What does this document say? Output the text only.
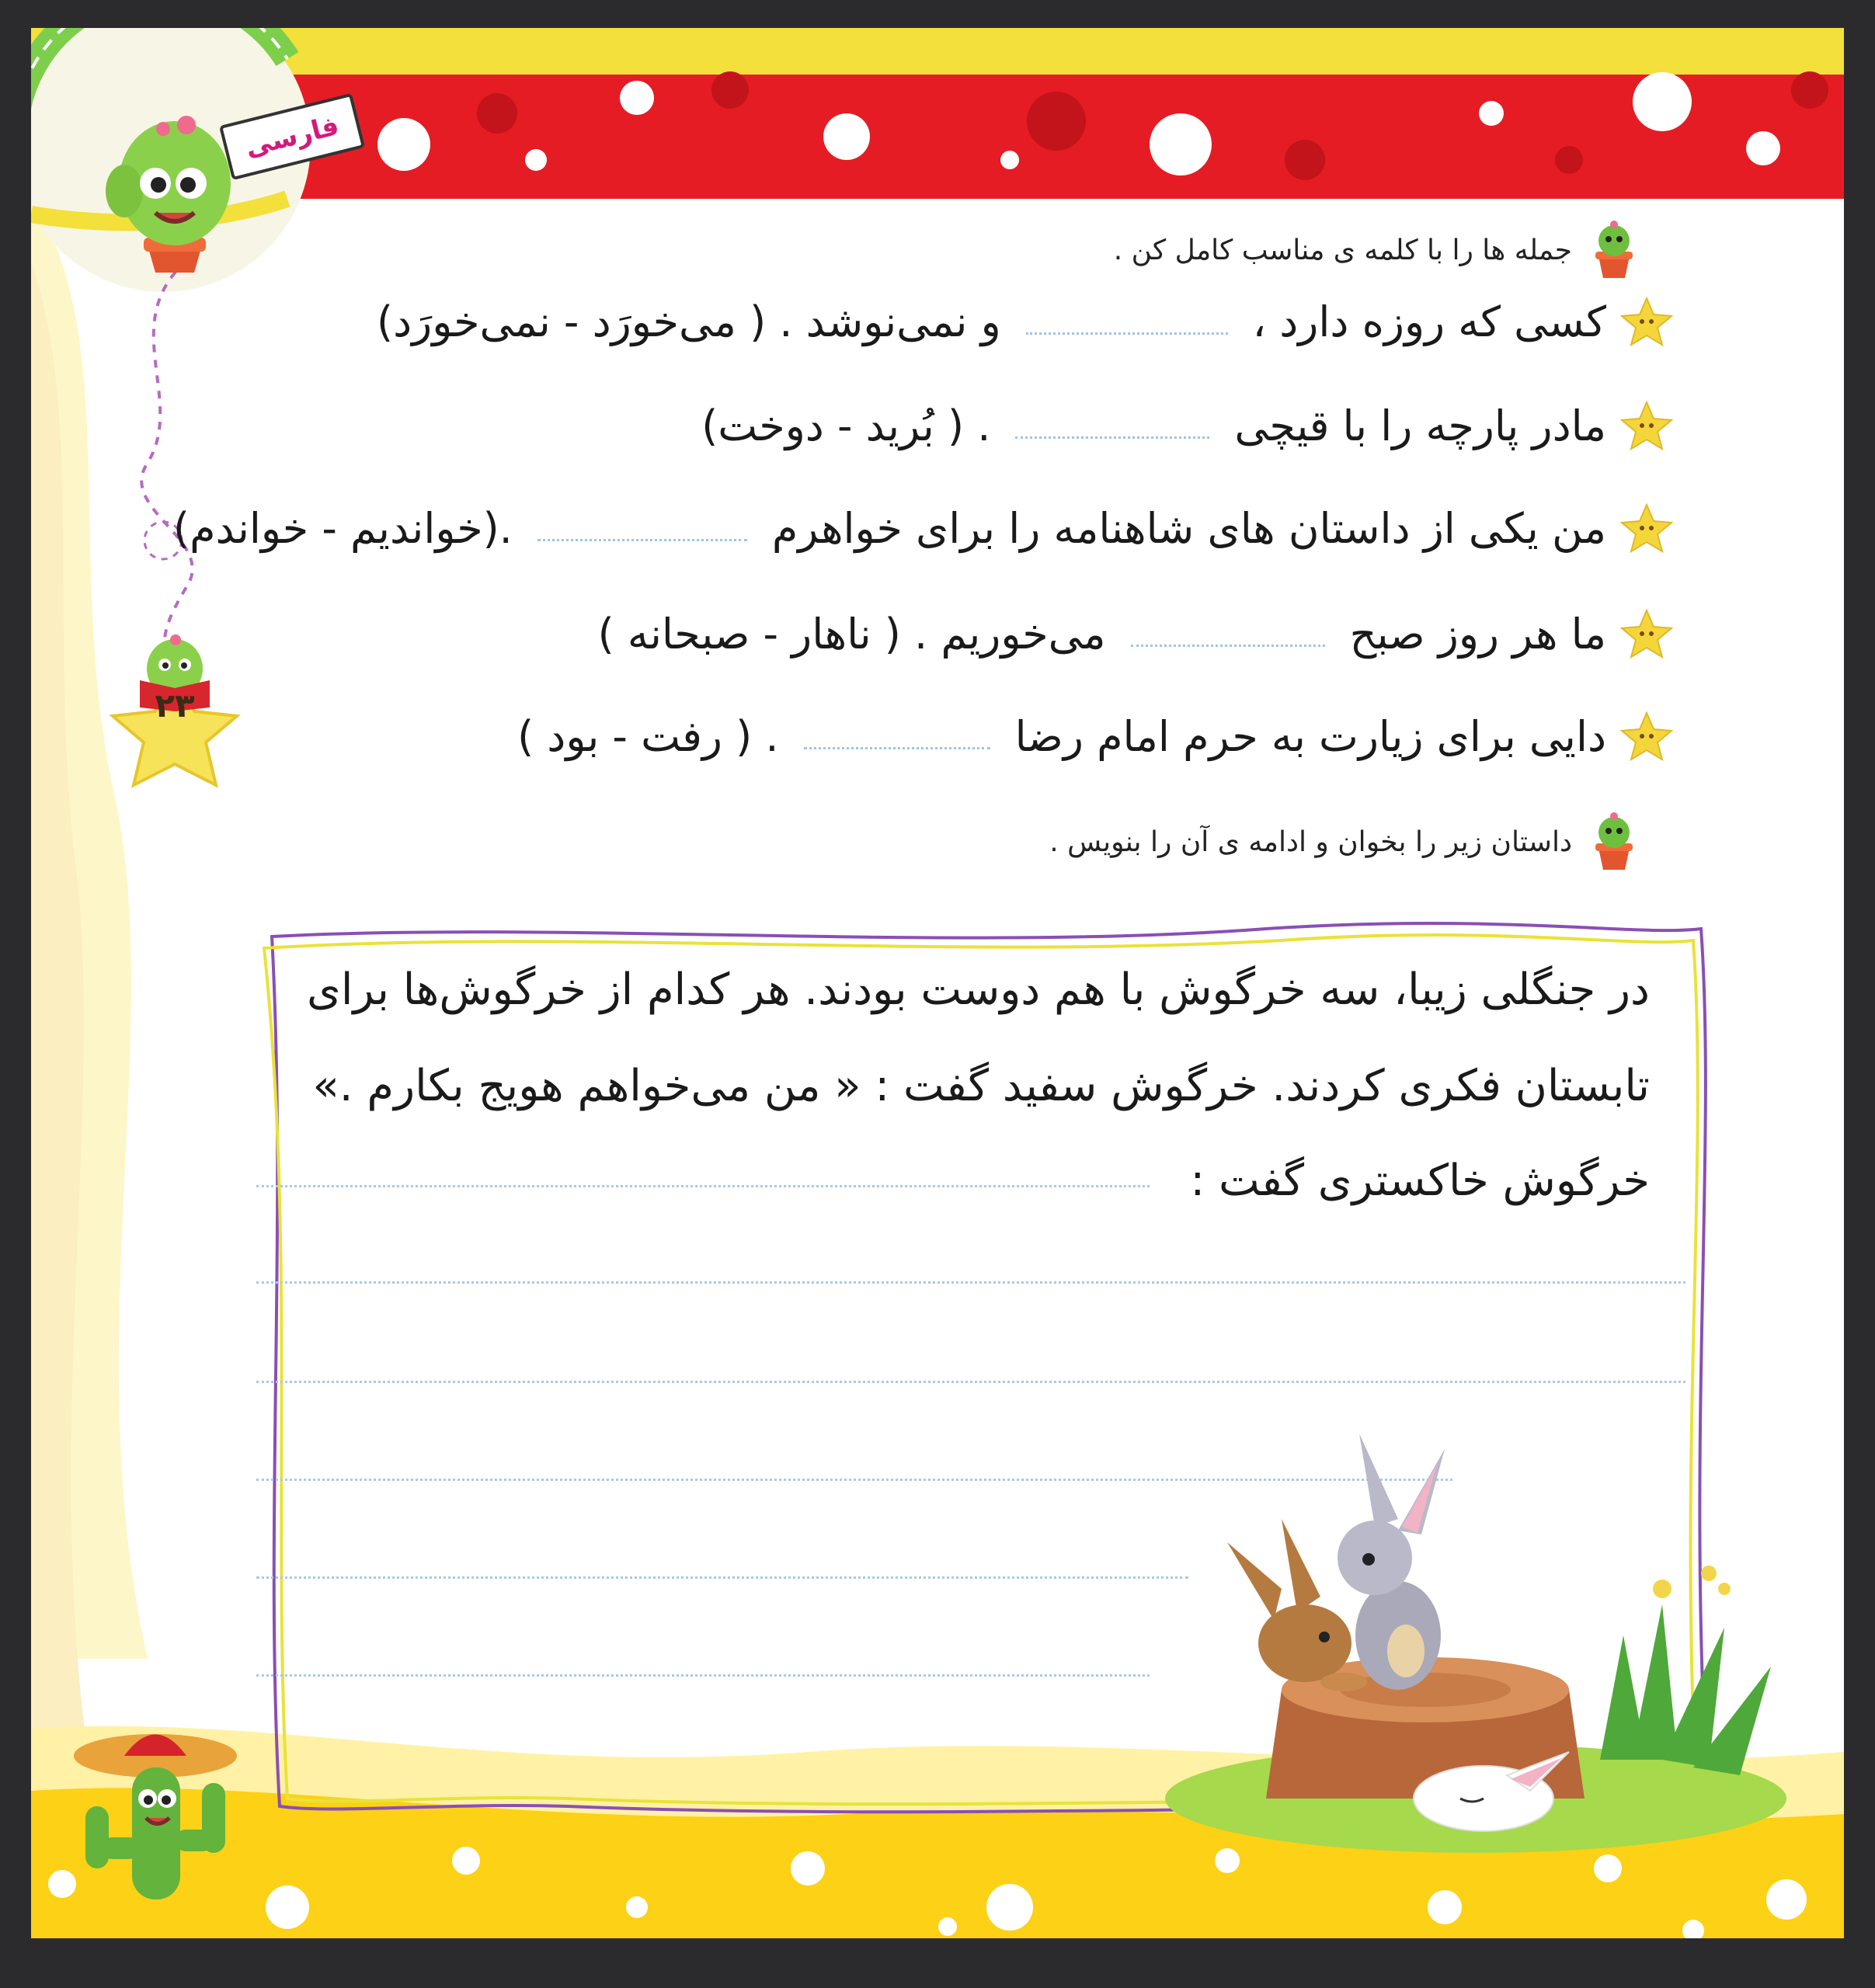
فارسی
۲۳
جمله ها را با کلمه ی مناسب کامل کن .
کسی که روزه دارد ،
و نمی‌نوشد . ( می‌خورَد - نمی‌خورَد)
مادر پارچه را با قیچی
. ( بُرید - دوخت)
من یکی از داستان های شاهنامه را برای خواهرم
.(خواندیم - خواندم)
ما هر روز صبح
می‌خوریم . ( ناهار - صبحانه )
دایی برای زیارت به حرم امام رضا
. ( رفت - بود )
داستان زیر را بخوان و ادامه ی آن را بنویس .
در جنگلی زیبا، سه خرگوش با هم دوست بودند. هر کدام از خرگوش‌ها برای
تابستان فکری کردند. خرگوش سفید گفت : « من می‌خواهم هویج بکارم .»
خرگوش خاکستری گفت :
